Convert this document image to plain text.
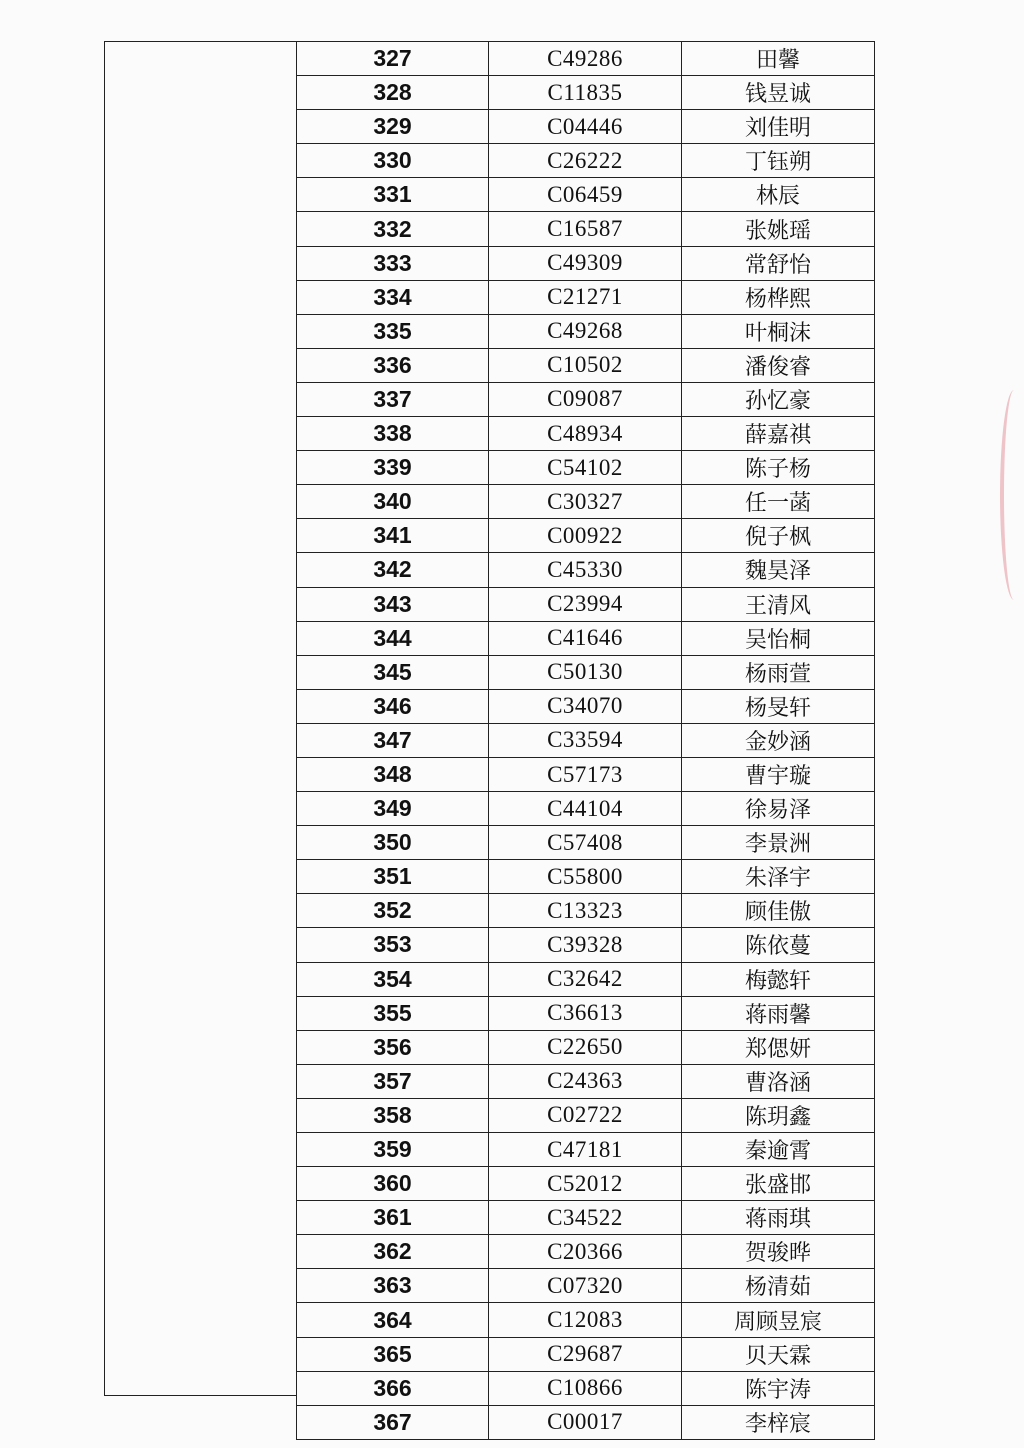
327	C49286	田馨
328	C11835	钱昱诚
329	C04446	刘佳明
330	C26222	丁钰朔
331	C06459	林辰
332	C16587	张姚瑶
333	C49309	常舒怡
334	C21271	杨桦熙
335	C49268	叶桐沫
336	C10502	潘俊睿
337	C09087	孙忆豪
338	C48934	薛嘉祺
339	C54102	陈子杨
340	C30327	任一菡
341	C00922	倪子枫
342	C45330	魏昊泽
343	C23994	王清风
344	C41646	吴怡桐
345	C50130	杨雨萱
346	C34070	杨旻轩
347	C33594	金妙涵
348	C57173	曹宇璇
349	C44104	徐易泽
350	C57408	李景洲
351	C55800	朱泽宇
352	C13323	顾佳傲
353	C39328	陈依蔓
354	C32642	梅懿轩
355	C36613	蒋雨馨
356	C22650	郑偲妍
357	C24363	曹洛涵
358	C02722	陈玥鑫
359	C47181	秦逾霄
360	C52012	张盛邯
361	C34522	蒋雨琪
362	C20366	贺骏晔
363	C07320	杨清茹
364	C12083	周顾昱宸
365	C29687	贝天霖
366	C10866	陈宇涛
367	C00017	李梓宸
